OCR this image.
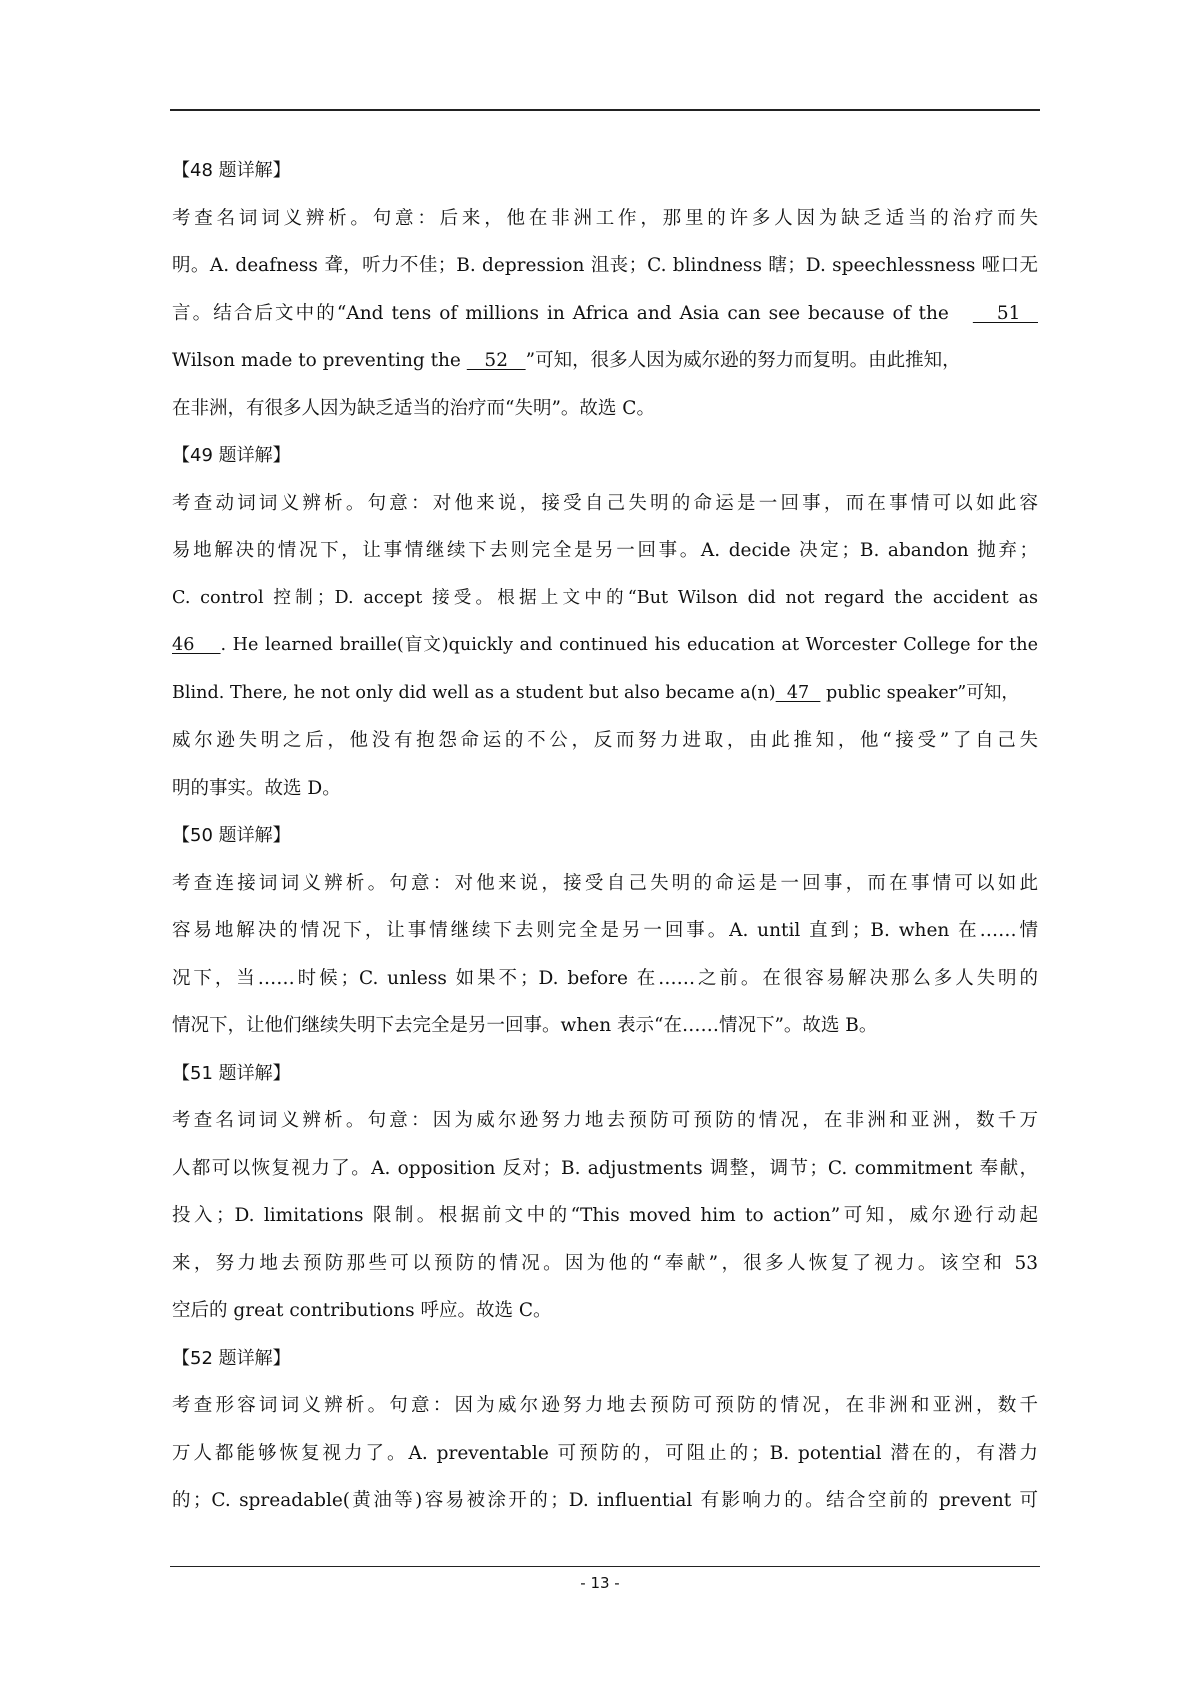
【48 题详解】
考查名词词义辨析。句意：后来，他在非洲工作，那里的许多人因为缺乏适当的治疗而失
明。A. deafness 聋，听力不佳；B. depression 沮丧；C. blindness 瞎；D. speechlessness 哑口无
言。结合后文中的“And tens of millions in Africa and Asia can see because of the   51
Wilson made to preventing the    52   ”可知，很多人因为威尔逊的努力而复明。由此推知，
在非洲，有很多人因为缺乏适当的治疗而“失明”。故选 C。
【49 题详解】
考查动词词义辨析。句意：对他来说，接受自己失明的命运是一回事，而在事情可以如此容
易地解决的情况下，让事情继续下去则完全是另一回事。A. decide 决定；B. abandon 抛弃；
C. control 控制；D. accept 接受。根据上文中的“But Wilson did not regard the accident as
46    . He learned braille(盲文)quickly and continued his education at Worcester College for the
Blind. There, he not only did well as a student but also became a(n)  47   public speaker”可知，
威尔逊失明之后，他没有抱怨命运的不公，反而努力进取，由此推知，他“接受”了自己失
明的事实。故选 D。
【50 题详解】
考查连接词词义辨析。句意：对他来说，接受自己失明的命运是一回事，而在事情可以如此
容易地解决的情况下，让事情继续下去则完全是另一回事。A. until 直到；B. when 在……情
况下，当……时候；C. unless 如果不；D. before 在……之前。在很容易解决那么多人失明的
情况下，让他们继续失明下去完全是另一回事。when 表示“在……情况下”。故选 B。
【51 题详解】
考查名词词义辨析。句意：因为威尔逊努力地去预防可预防的情况，在非洲和亚洲，数千万
人都可以恢复视力了。A. opposition 反对；B. adjustments 调整，调节；C. commitment 奉献，
投入；D. limitations 限制。根据前文中的“This moved him to action”可知，威尔逊行动起
来，努力地去预防那些可以预防的情况。因为他的“奉献”，很多人恢复了视力。该空和 53
空后的 great contributions 呼应。故选 C。
【52 题详解】
考查形容词词义辨析。句意：因为威尔逊努力地去预防可预防的情况，在非洲和亚洲，数千
万人都能够恢复视力了。A. preventable 可预防的，可阻止的；B. potential 潜在的，有潜力
的；C. spreadable(黄油等)容易被涂开的；D. influential 有影响力的。结合空前的 prevent 可
- 13 -
